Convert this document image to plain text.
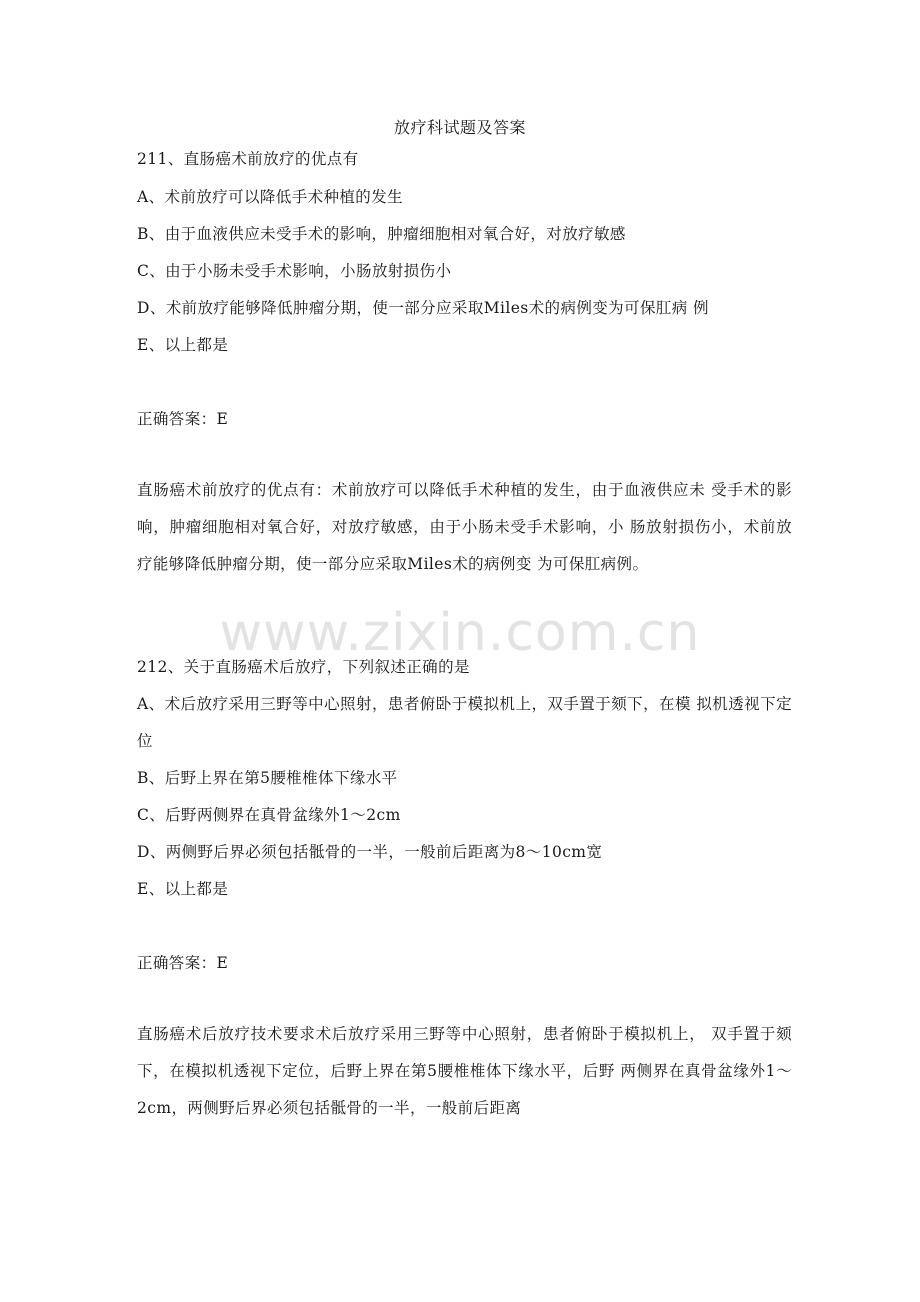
www.zixin.com.cn
放疗科试题及答案
211、直肠癌术前放疗的优点有
A、术前放疗可以降低手术种植的发生
B、由于血液供应未受手术的影响，肿瘤细胞相对氧合好，对放疗敏感
C、由于小肠未受手术影响，小肠放射损伤小
D、术前放疗能够降低肿瘤分期，使一部分应采取Miles术的病例变为可保肛病 例
E、以上都是
正确答案：E
直肠癌术前放疗的优点有：术前放疗可以降低手术种植的发生，由于血液供应未 受手术的影响，肿瘤细胞相对氧合好，对放疗敏感，由于小肠未受手术影响，小 肠放射损伤小，术前放疗能够降低肿瘤分期，使一部分应采取Miles术的病例变 为可保肛病例。
212、关于直肠癌术后放疗，下列叙述正确的是
A、术后放疗采用三野等中心照射，患者俯卧于模拟机上，双手置于颏下，在模 拟机透视下定位
B、后野上界在第5腰椎椎体下缘水平
C、后野两侧界在真骨盆缘外1～2cm
D、两侧野后界必须包括骶骨的一半，一般前后距离为8～10cm宽
E、以上都是
正确答案：E
直肠癌术后放疗技术要求术后放疗采用三野等中心照射，患者俯卧于模拟机上， 双手置于颏下，在模拟机透视下定位，后野上界在第5腰椎椎体下缘水平，后野 两侧界在真骨盆缘外1～2cm，两侧野后界必须包括骶骨的一半，一般前后距离
